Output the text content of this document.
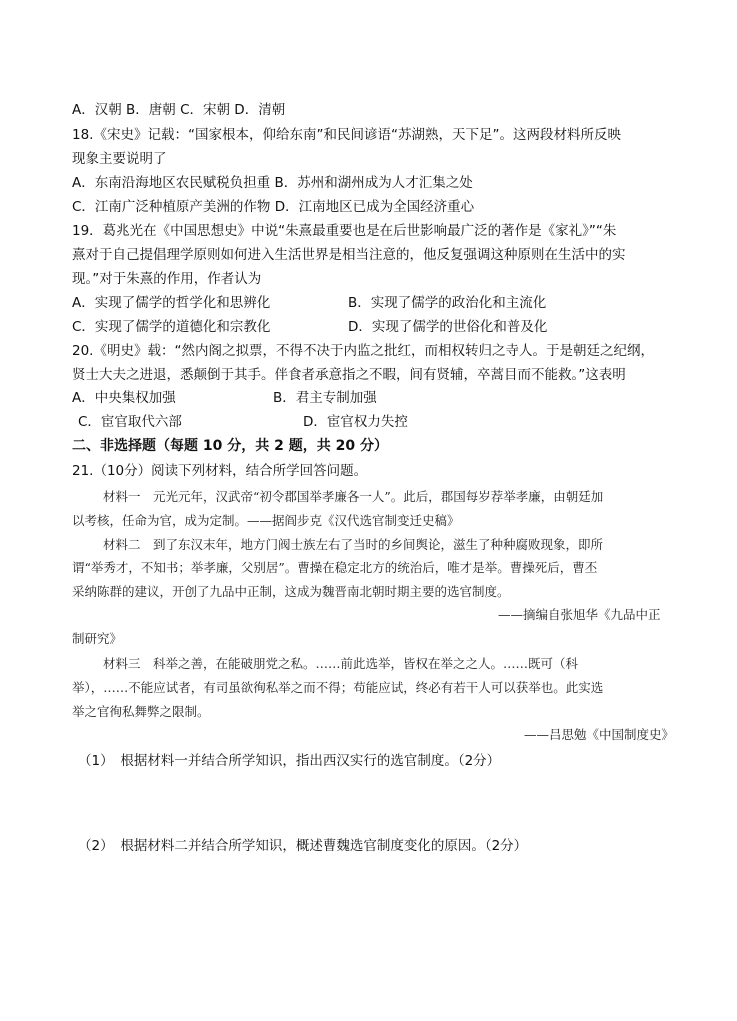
A．汉朝 B．唐朝 C．宋朝 D．清朝
18.《宋史》记载：“国家根本，仰给东南”和民间谚语“苏湖熟，天下足”。这两段材料所反映
现象主要说明了
A．东南沿海地区农民赋税负担重 B．苏州和湖州成为人才汇集之处
C．江南广泛种植原产美洲的作物 D．江南地区已成为全国经济重心
19．葛兆光在《中国思想史》中说“朱熹最重要也是在后世影响最广泛的著作是《家礼》”“朱
熹对于自己提倡理学原则如何进入生活世界是相当注意的，他反复强调这种原则在生活中的实
现。”对于朱熹的作用，作者认为
A．实现了儒学的哲学化和思辨化	B．实现了儒学的政治化和主流化
C．实现了儒学的道德化和宗教化	D．实现了儒学的世俗化和普及化
20.《明史》载：“然内阁之拟票，不得不决于内监之批红，而相权转归之寺人。于是朝廷之纪纲，
贤士大夫之进退，悉颠倒于其手。伴食者承意指之不暇，间有贤辅，卒蒿目而不能救。”这表明
A．中央集权加强	B．君主专制加强
C．宦官取代六部	D．宦官权力失控
二、非选择题（每题 10 分，共 2 题，共 20 分）
21.（10分）阅读下列材料，结合所学回答问题。
材料一　元光元年，汉武帝“初令郡国举孝廉各一人”。此后，郡国每岁荐举孝廉，由朝廷加
以考核，任命为官，成为定制。——据阎步克《汉代选官制变迁史稿》
材料二　到了东汉末年，地方门阀士族左右了当时的乡间舆论，滋生了种种腐败现象，即所
谓“举秀才，不知书；举孝廉，父别居”。曹操在稳定北方的统治后，唯才是举。曹操死后，曹丕
采纳陈群的建议，开创了九品中正制，这成为魏晋南北朝时期主要的选官制度。
——摘编自张旭华《九品中正
制研究》
材料三　科举之善，在能破朋党之私。……前此选举，皆权在举之之人。……既可（科
举），……不能应试者，有司虽欲徇私举之而不得；苟能应试，终必有若干人可以获举也。此实选
举之官徇私舞弊之限制。
——吕思勉《中国制度史》
（1）　根据材料一并结合所学知识，指出西汉实行的选官制度。（2分）
（2）　根据材料二并结合所学知识，概述曹魏选官制度变化的原因。（2分）
